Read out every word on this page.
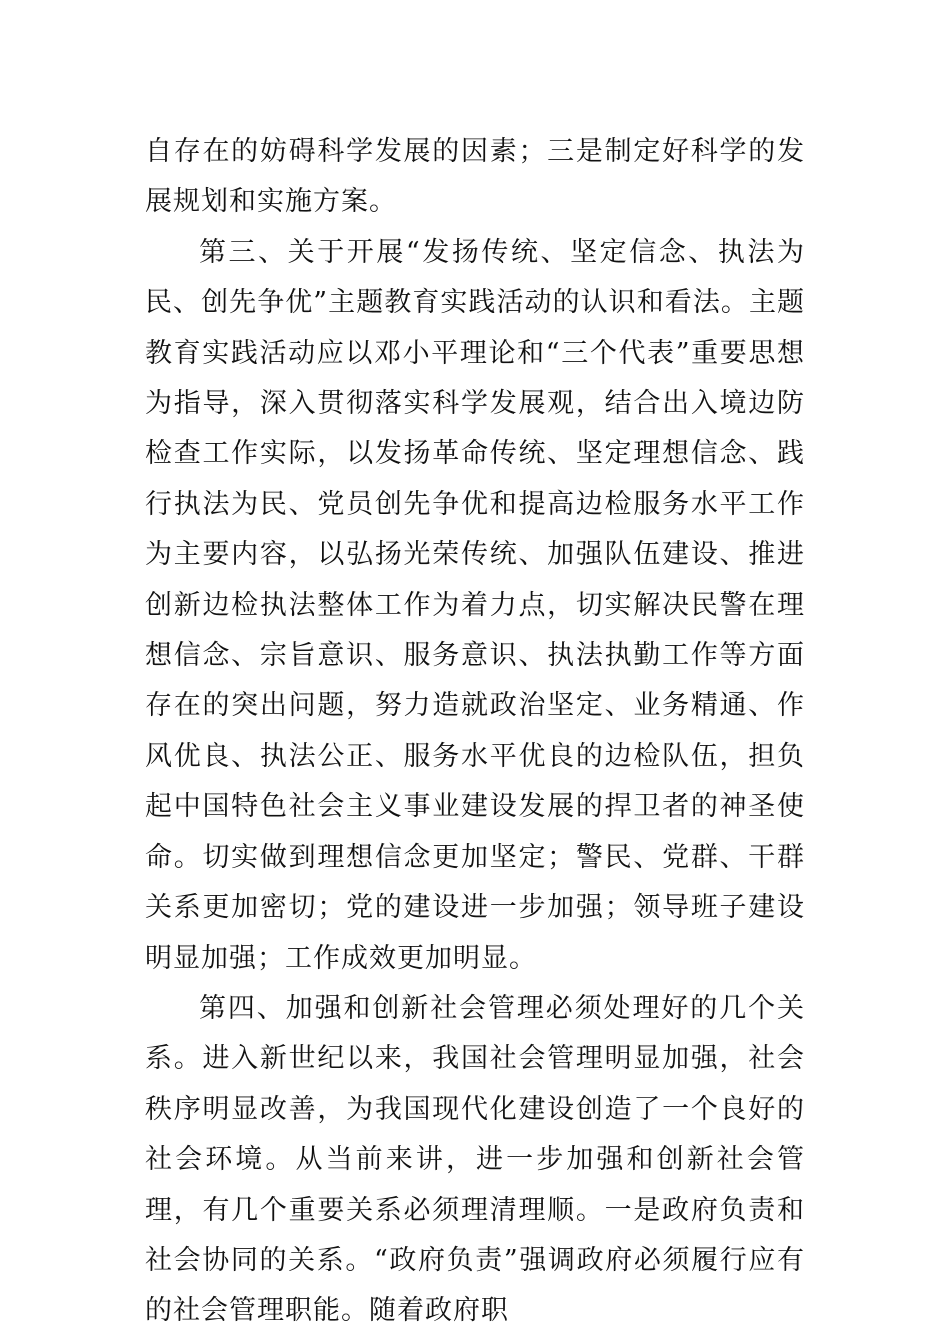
自存在的妨碍科学发展的因素；三是制定好科学的发展规划和实施方案。

第三、关于开展“发扬传统、坚定信念、执法为民、创先争优”主题教育实践活动的认识和看法。主题教育实践活动应以邓小平理论和“三个代表”重要思想为指导，深入贯彻落实科学发展观，结合出入境边防检查工作实际，以发扬革命传统、坚定理想信念、践行执法为民、党员创先争优和提高边检服务水平工作为主要内容，以弘扬光荣传统、加强队伍建设、推进创新边检执法整体工作为着力点，切实解决民警在理想信念、宗旨意识、服务意识、执法执勤工作等方面存在的突出问题，努力造就政治坚定、业务精通、作风优良、执法公正、服务水平优良的边检队伍，担负起中国特色社会主义事业建设发展的捍卫者的神圣使命。切实做到理想信念更加坚定；警民、党群、干群关系更加密切；党的建设进一步加强；领导班子建设明显加强；工作成效更加明显。

第四、加强和创新社会管理必须处理好的几个关系。进入新世纪以来，我国社会管理明显加强，社会秩序明显改善，为我国现代化建设创造了一个良好的社会环境。从当前来讲，进一步加强和创新社会管理，有几个重要关系必须理清理顺。一是政府负责和社会协同的关系。“政府负责”强调政府必须履行应有的社会管理职能。随着政府职
